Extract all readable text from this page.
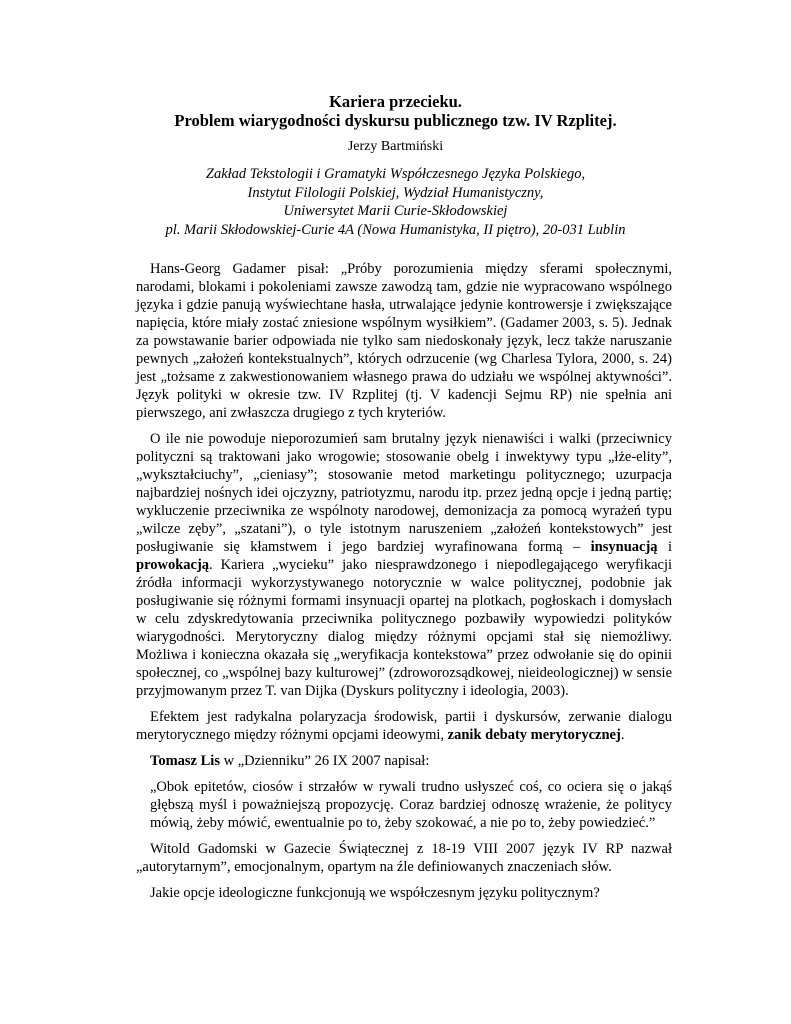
Kariera przecieku.
Problem wiarygodności dyskursu publicznego tzw. IV Rzplitej.
Jerzy Bartmiński
Zakład Tekstologii i Gramatyki Współczesnego Języka Polskiego,
Instytut Filologii Polskiej, Wydział Humanistyczny,
Uniwersytet Marii Curie-Skłodowskiej
pl. Marii Skłodowskiej-Curie 4A (Nowa Humanistyka, II piętro), 20-031 Lublin

Hans-Georg Gadamer pisał: „Próby porozumienia między sferami społecznymi, narodami, blokami i pokoleniami zawsze zawodzą tam, gdzie nie wypracowano wspólnego języka i gdzie panują wyświechtane hasła, utrwalające jedynie kontrowersje i zwiększające napięcia, które miały zostać zniesione wspólnym wysiłkiem”. (Gadamer 2003, s. 5). Jednak za powstawanie barier odpowiada nie tylko sam niedoskonały język, lecz także naruszanie pewnych „założeń kontekstualnych”, których odrzucenie (wg Charlesa Tylora, 2000, s. 24) jest „tożsame z zakwestionowaniem własnego prawa do udziału we wspólnej aktywności”. Język polityki w okresie tzw. IV Rzplitej (tj. V kadencji Sejmu RP) nie spełnia ani pierwszego, ani zwłaszcza drugiego z tych kryteriów.

O ile nie powoduje nieporozumień sam brutalny język nienawiści i walki (przeciwnicy polityczni są traktowani jako wrogowie; stosowanie obelg i inwektywy typu „łże-elity”, „wykształciuchy”, „cieniasy”; stosowanie metod marketingu politycznego; uzurpacja najbardziej nośnych idei ojczyzny, patriotyzmu, narodu itp. przez jedną opcje i jedną partię; wykluczenie przeciwnika ze wspólnoty narodowej, demonizacja za pomocą wyrażeń typu „wilcze zęby”, „szatani”), o tyle istotnym naruszeniem „założeń kontekstowych” jest posługiwanie się kłamstwem i jego bardziej wyrafinowana formą – insynuacją i prowokacją. Kariera „wycieku” jako niesprawdzonego i niepodlegającego weryfikacji źródła informacji wykorzystywanego notorycznie w walce politycznej, podobnie jak posługiwanie się różnymi formami insynuacji opartej na plotkach, pogłoskach i domysłach w celu zdyskredytowania przeciwnika politycznego pozbawiły wypowiedzi polityków wiarygodności. Merytoryczny dialog między różnymi opcjami stał się niemożliwy. Możliwa i konieczna okazała się „weryfikacja kontekstowa” przez odwołanie się do opinii społecznej, co „wspólnej bazy kulturowej” (zdroworozsądkowej, nieideologicznej) w sensie przyjmowanym przez T. van Dijka (Dyskurs polityczny i ideologia, 2003).

Efektem jest radykalna polaryzacja środowisk, partii i dyskursów, zerwanie dialogu merytorycznego między różnymi opcjami ideowymi, zanik debaty merytorycznej.

Tomasz Lis w „Dzienniku” 26 IX 2007 napisał:

„Obok epitetów, ciosów i strzałów w rywali trudno usłyszeć coś, co ociera się o jakąś głębszą myśl i poważniejszą propozycję. Coraz bardziej odnoszę wrażenie, że politycy mówią, żeby mówić, ewentualnie po to, żeby szokować, a nie po to, żeby powiedzieć.”

Witold Gadomski w Gazecie Świątecznej z 18-19 VIII 2007 język IV RP nazwał „autorytarnym”, emocjonalnym, opartym na źle definiowanych znaczeniach słów.

Jakie opcje ideologiczne funkcjonują we współczesnym języku politycznym?
